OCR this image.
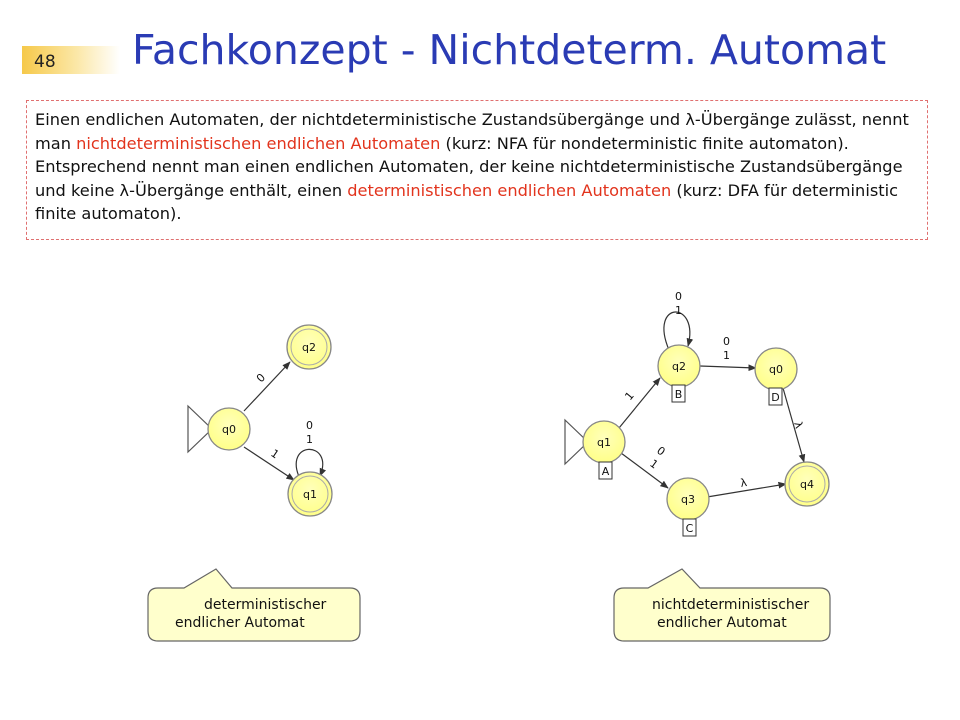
48 Fachkonzept - Nichtdeterm. Automat
Einen endlichen Automaten, der nichtdeterministische Zustandsübergänge und λ-Übergänge zulässt, nennt man nichtdeterministischen endlichen Automaten (kurz: NFA für nondeterministic finite automaton). Entsprechend nennt man einen endlichen Automaten, der keine nichtdeterministische Zustandsübergänge und keine λ-Übergänge enthält, einen deterministischen endlichen Automaten (kurz: DFA für deterministic finite automaton).
q0
q2
q1
0
1
0
1	q1
q2	q0
q3
q4
A
B
C
D
0
1
0
1
1
0
1
λ
λ
deterministischer
endlicher Automat
nichtdeterministischer
endlicher Automat
